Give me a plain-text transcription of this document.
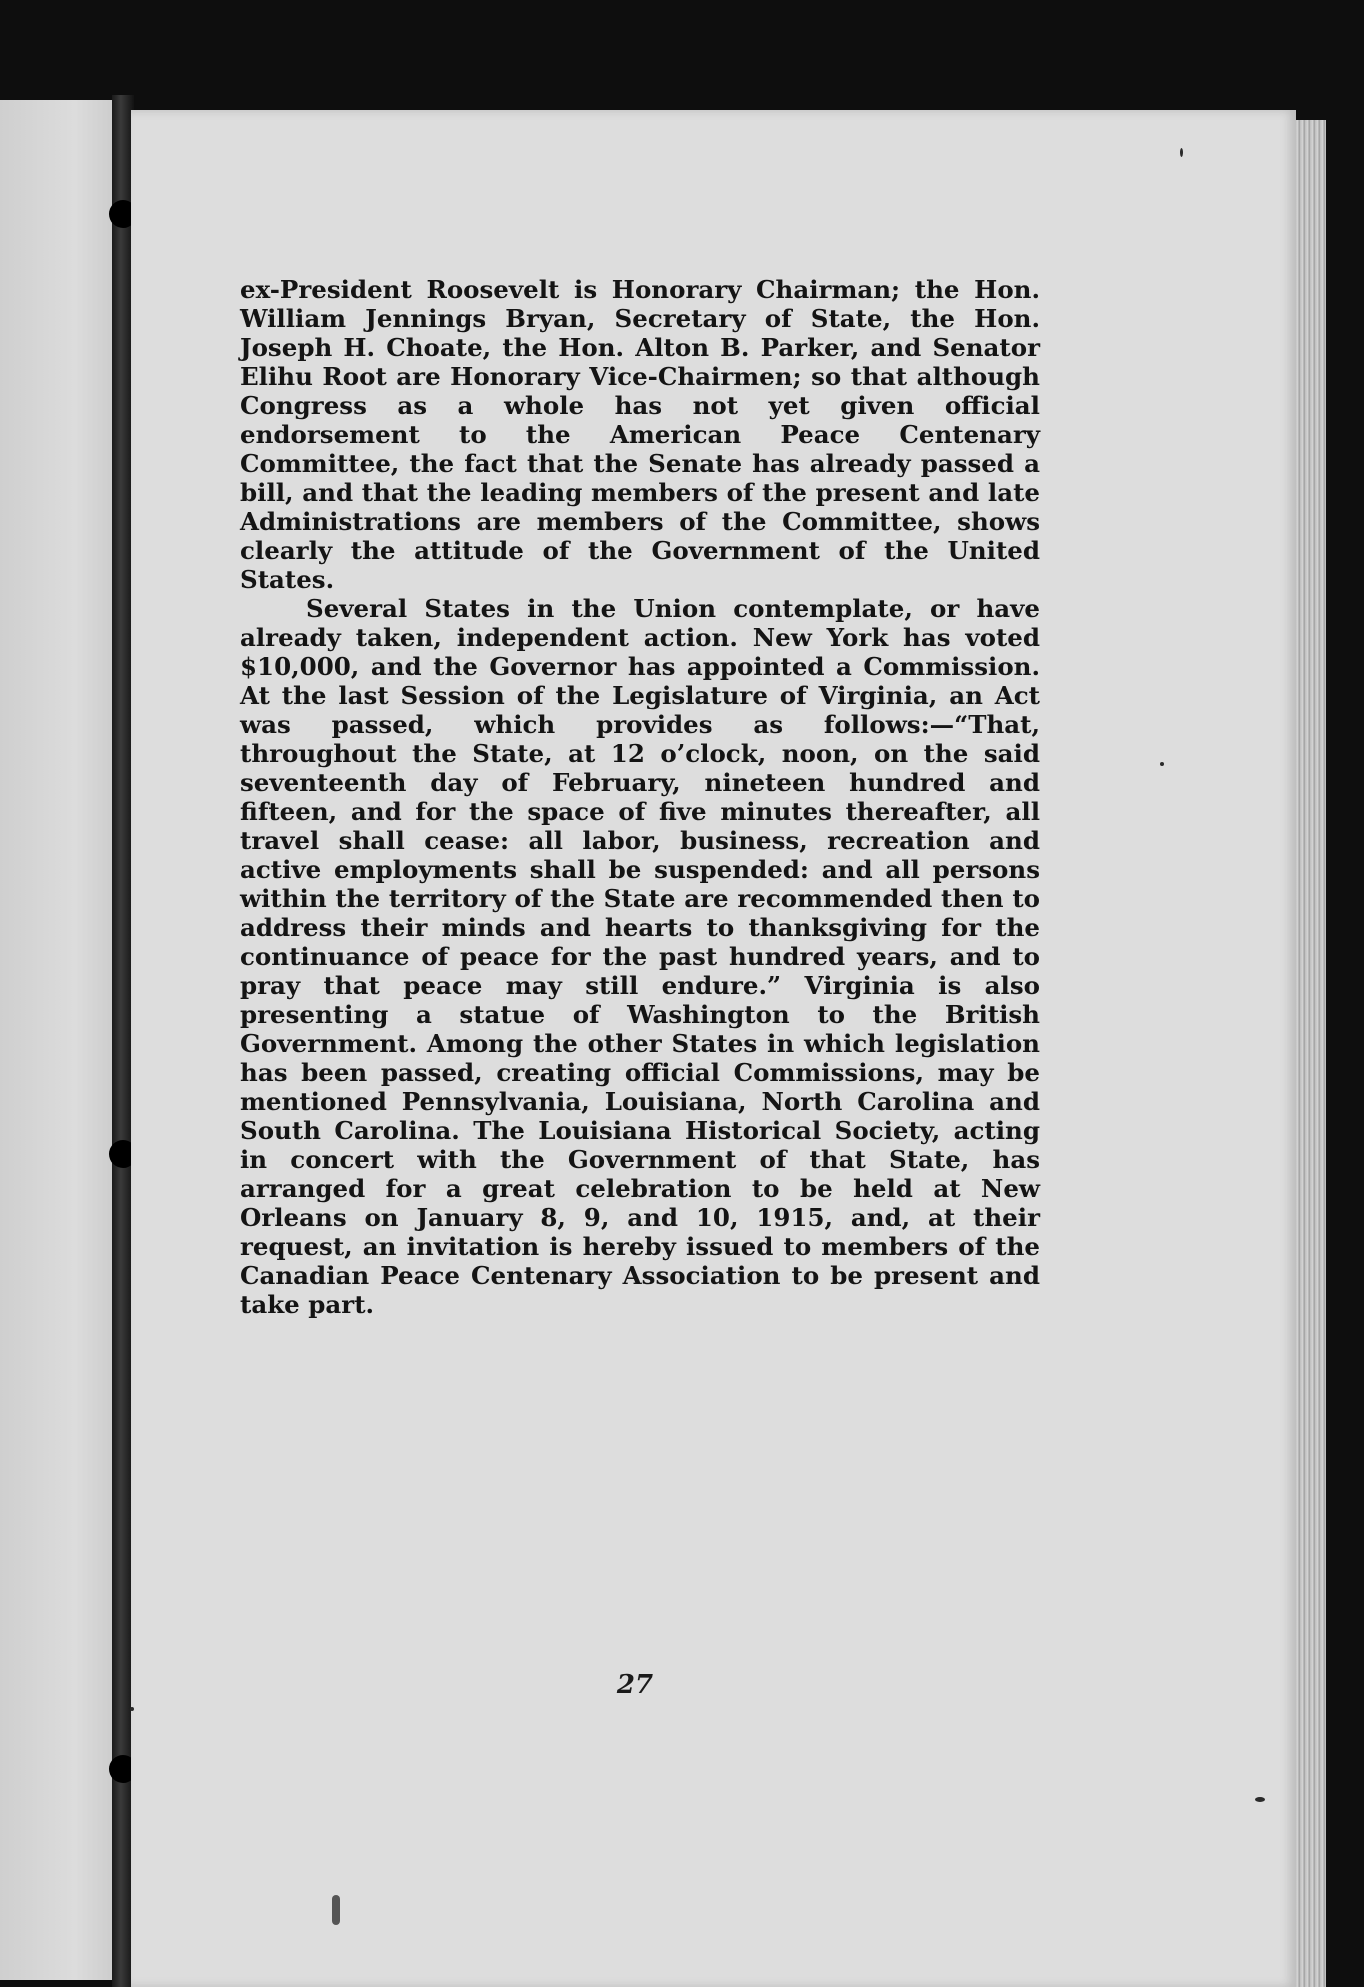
ex-President Roosevelt is Honorary Chairman; the Hon. William Jennings Bryan, Secretary of State, the Hon. Joseph H. Choate, the Hon. Alton B. Parker, and Senator Elihu Root are Honorary Vice-Chairmen; so that although Congress as a whole has not yet given official endorsement to the American Peace Centenary Committee, the fact that the Senate has already passed a bill, and that the leading members of the present and late Administrations are members of the Committee, shows clearly the attitude of the Government of the United States.

Several States in the Union contemplate, or have already taken, independent action. New York has voted $10,000, and the Governor has appointed a Commission. At the last Session of the Legislature of Virginia, an Act was passed, which provides as follows:—“That, throughout the State, at 12 o’clock, noon, on the said seventeenth day of February, nineteen hundred and fifteen, and for the space of five minutes thereafter, all travel shall cease: all labor, business, recreation and active employments shall be suspended: and all persons within the territory of the State are recommended then to address their minds and hearts to thanksgiving for the continuance of peace for the past hundred years, and to pray that peace may still endure.” Virginia is also presenting a statue of Washington to the British Government. Among the other States in which legislation has been passed, creating official Commissions, may be mentioned Pennsylvania, Louisiana, North Carolina and South Carolina. The Louisiana Historical Society, acting in concert with the Government of that State, has arranged for a great celebration to be held at New Orleans on January 8, 9, and 10, 1915, and, at their request, an invitation is hereby issued to members of the Canadian Peace Centenary Association to be present and take part.

27
